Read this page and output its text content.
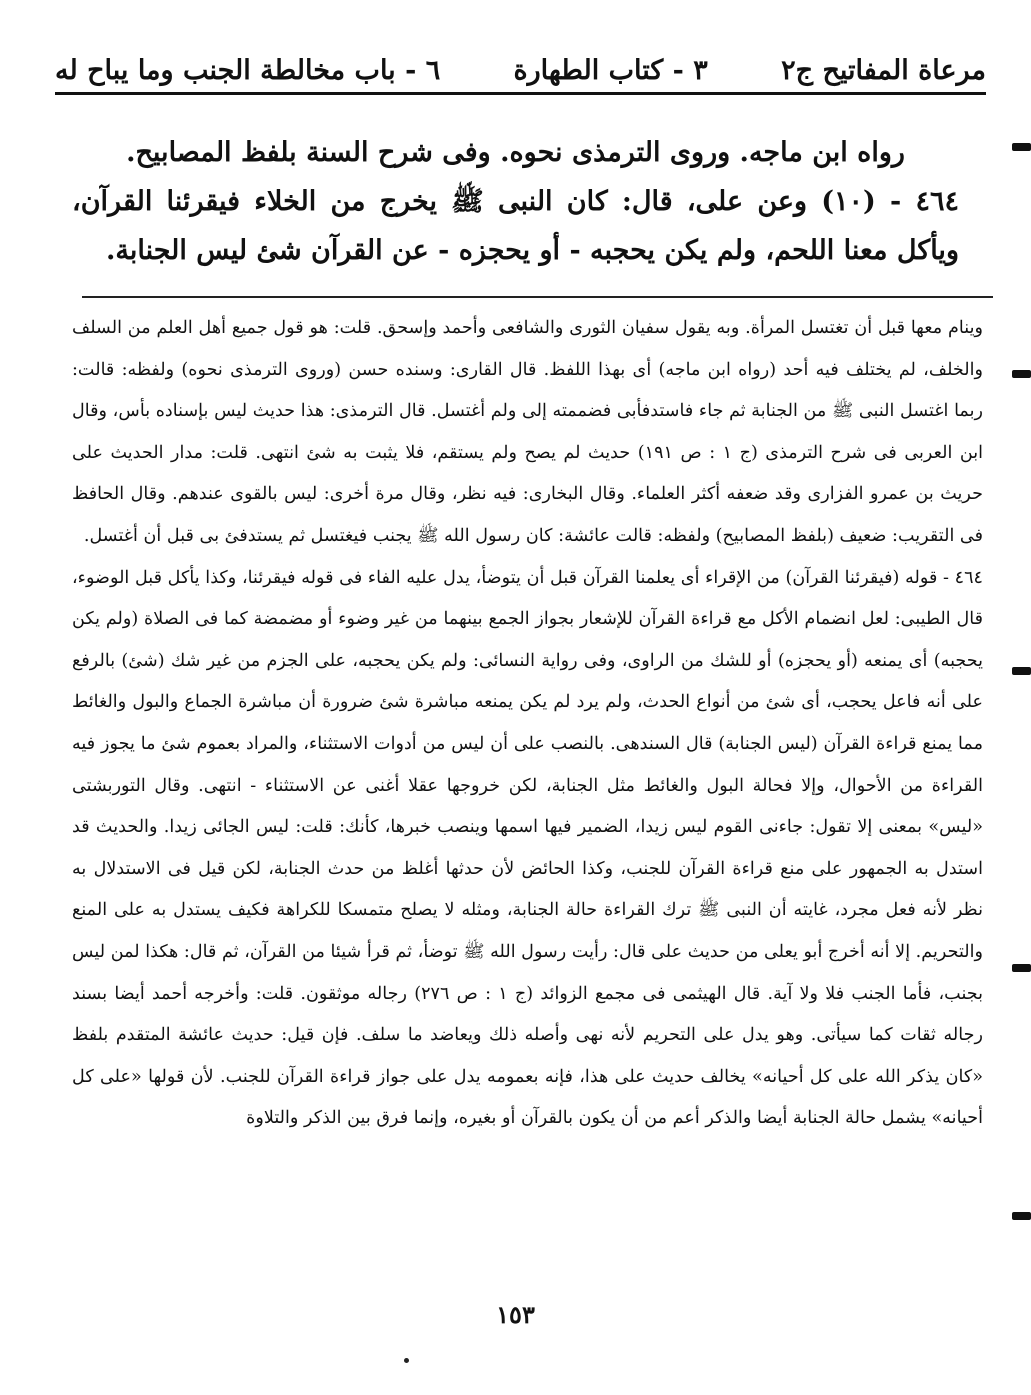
مرعاة المفاتيح ج٢
٣ - كتاب الطهارة
٦ - باب مخالطة الجنب وما يباح له

رواه ابن ماجه. وروى الترمذى نحوه. وفى شرح السنة بلفظ المصابيح.

٤٦٤ - (١٠) وعن على، قال: كان النبى ﷺ يخرج من الخلاء فيقرئنا القرآن، ويأكل معنا اللحم، ولم يكن يحجبه - أو يحجزه - عن القرآن شئ ليس الجنابة.

وينام معها قبل أن تغتسل المرأة. وبه يقول سفيان الثورى والشافعى وأحمد وإسحق. قلت: هو قول جميع أهل العلم من السلف والخلف، لم يختلف فيه أحد (رواه ابن ماجه) أى بهذا اللفظ. قال القارى: وسنده حسن (وروى الترمذى نحوه) ولفظه: قالت: ربما اغتسل النبى ﷺ من الجنابة ثم جاء فاستدفأبى فضممته إلى ولم أغتسل. قال الترمذى: هذا حديث ليس بإسناده بأس، وقال ابن العربى فى شرح الترمذى (ج ١ : ص ١٩١) حديث لم يصح ولم يستقم، فلا يثبت به شئ انتهى. قلت: مدار الحديث على حريث بن عمرو الفزارى وقد ضعفه أكثر العلماء. وقال البخارى: فيه نظر، وقال مرة أخرى: ليس بالقوى عندهم. وقال الحافظ فى التقريب: ضعيف (بلفظ المصابيح) ولفظه: قالت عائشة: كان رسول الله ﷺ يجنب فيغتسل ثم يستدفئ بى قبل أن أغتسل.

٤٦٤ - قوله (فيقرئنا القرآن) من الإقراء أى يعلمنا القرآن قبل أن يتوضأ، يدل عليه الفاء فى قوله فيقرئنا، وكذا يأكل قبل الوضوء، قال الطيبى: لعل انضمام الأكل مع قراءة القرآن للإشعار بجواز الجمع بينهما من غير وضوء أو مضمضة كما فى الصلاة (ولم يكن يحجبه) أى يمنعه (أو يحجزه) أو للشك من الراوى، وفى رواية النسائى: ولم يكن يحجبه، على الجزم من غير شك (شئ) بالرفع على أنه فاعل يحجب، أى شئ من أنواع الحدث، ولم يرد لم يكن يمنعه مباشرة شئ ضرورة أن مباشرة الجماع والبول والغائط مما يمنع قراءة القرآن (ليس الجنابة) قال السندهى. بالنصب على أن ليس من أدوات الاستثناء، والمراد بعموم شئ ما يجوز فيه القراءة من الأحوال، وإلا فحالة البول والغائط مثل الجنابة، لكن خروجها عقلا أغنى عن الاستثناء - انتهى. وقال التوربشتى «ليس» بمعنى إلا تقول: جاءنى القوم ليس زيدا، الضمير فيها اسمها وينصب خبرها، كأنك: قلت: ليس الجائى زيدا. والحديث قد استدل به الجمهور على منع قراءة القرآن للجنب، وكذا الحائض لأن حدثها أغلظ من حدث الجنابة، لكن قيل فى الاستدلال به نظر لأنه فعل مجرد، غايته أن النبى ﷺ ترك القراءة حالة الجنابة، ومثله لا يصلح متمسكا للكراهة فكيف يستدل به على المنع والتحريم. إلا أنه أخرج أبو يعلى من حديث على قال: رأيت رسول الله ﷺ توضأ، ثم قرأ شيئا من القرآن، ثم قال: هكذا لمن ليس بجنب، فأما الجنب فلا ولا آية. قال الهيثمى فى مجمع الزوائد (ج ١ : ص ٢٧٦) رجاله موثقون. قلت: وأخرجه أحمد أيضا بسند رجاله ثقات كما سيأتى. وهو يدل على التحريم لأنه نهى وأصله ذلك ويعاضد ما سلف. فإن قيل: حديث عائشة المتقدم بلفظ «كان يذكر الله على كل أحيانه» يخالف حديث على هذا، فإنه بعمومه يدل على جواز قراءة القرآن للجنب. لأن قولها «على كل أحيانه» يشمل حالة الجنابة أيضا والذكر أعم من أن يكون بالقرآن أو بغيره، وإنما فرق بين الذكر والتلاوة

١٥٣
